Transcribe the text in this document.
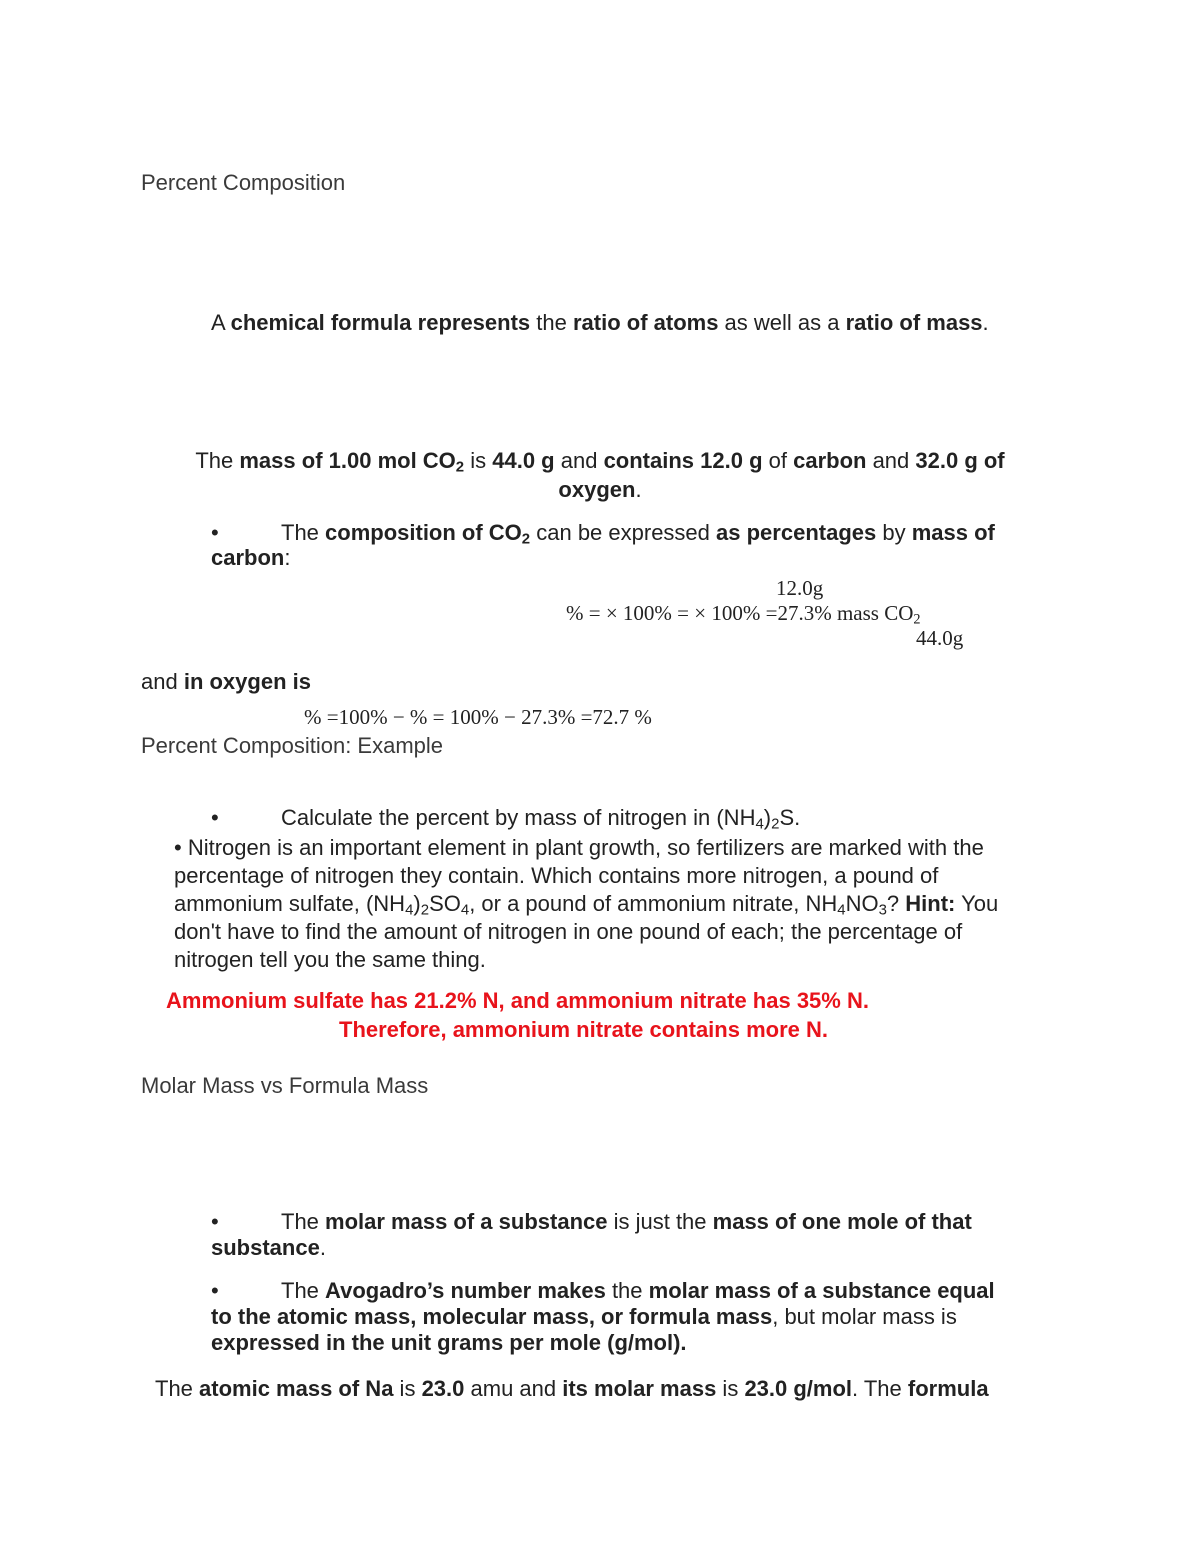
Percent Composition
A chemical formula represents the ratio of atoms as well as a ratio of mass.
The mass of 1.00 mol $CO_2$ is 44.0 g and contains 12.0 g of carbon and 32.0 g of
oxygen.
•	The composition of $CO_2$ can be expressed as percentages by mass of
carbon:
12.0g
% = × 100% = × 100% =27.3% mass $CO_2$
44.0g
and in oxygen is
% =100% − % = 100% − 27.3% =72.7 %
Percent Composition: Example
•	Calculate the percent by mass of nitrogen in $(NH_4)_2S$.
• Nitrogen is an important element in plant growth, so fertilizers are marked with the
percentage of nitrogen they contain. Which contains more nitrogen, a pound of
ammonium sulfate, $(NH_4)_2SO_4$, or a pound of ammonium nitrate, $NH_4NO_3$? Hint: You
don't have to find the amount of nitrogen in one pound of each; the percentage of
nitrogen tell you the same thing.
Ammonium sulfate has 21.2% N, and ammonium nitrate has 35% N.
Therefore, ammonium nitrate contains more N.
Molar Mass vs Formula Mass
•	The molar mass of a substance is just the mass of one mole of that
substance.
•	The Avogadro’s number makes the molar mass of a substance equal
to the atomic mass, molecular mass, or formula mass, but molar mass is
expressed in the unit grams per mole (g/mol).
The atomic mass of Na is 23.0 amu and its molar mass is 23.0 g/mol. The formula
